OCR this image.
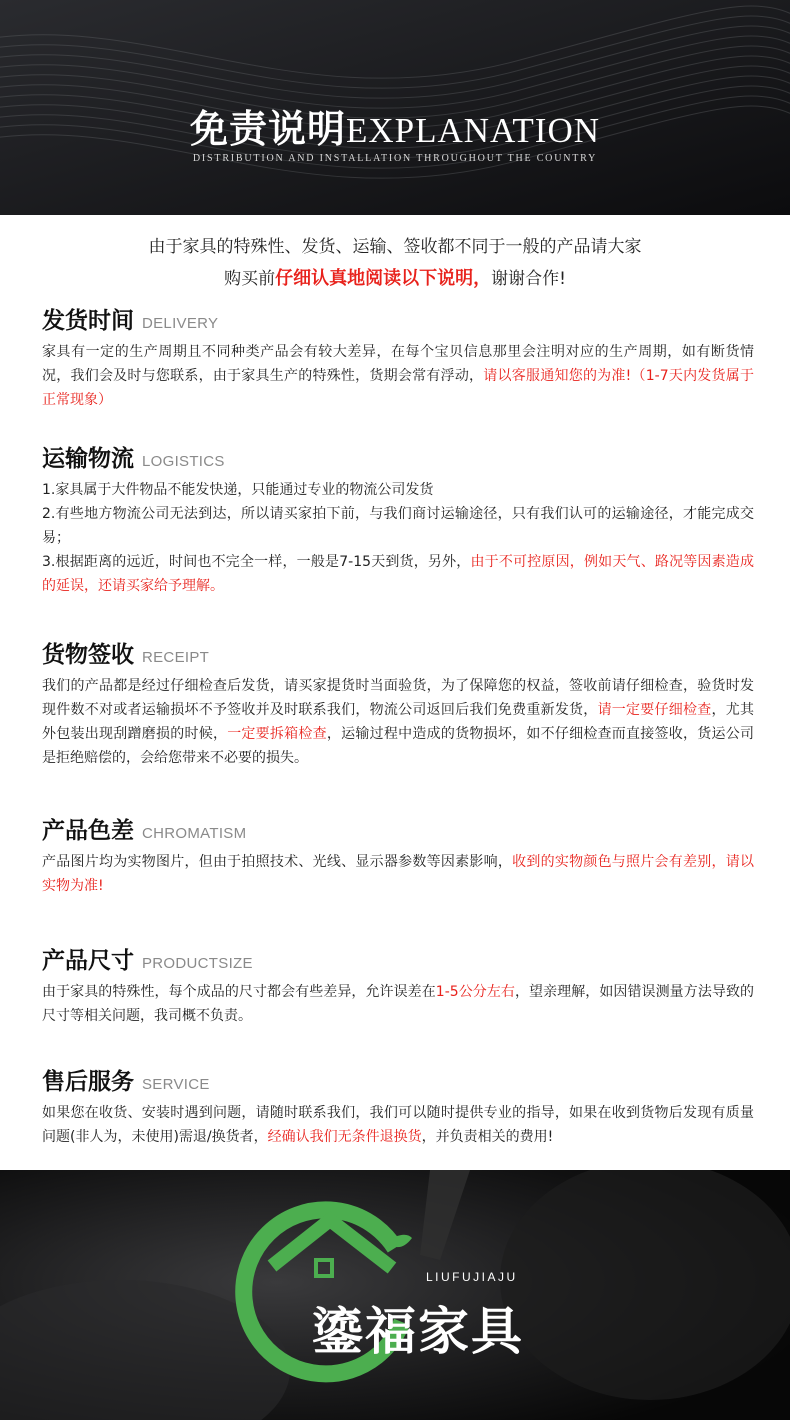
免责说明EXPLANATION
DISTRIBUTION AND INSTALLATION THROUGHOUT THE COUNTRY

由于家具的特殊性、发货、运输、签收都不同于一般的产品请大家

购买前仔细认真地阅读以下说明，谢谢合作!

发货时间 DELIVERY
家具有一定的生产周期且不同种类产品会有较大差异，在每个宝贝信息那里会注明对应的生产周期，如有断货情况，我们会及时与您联系，由于家具生产的特殊性，货期会常有浮动，请以客服通知您的为准!（1-7天内发货属于正常现象）
运输物流 LOGISTICS
1.家具属于大件物品不能发快递，只能通过专业的物流公司发货
2.有些地方物流公司无法到达，所以请买家拍下前，与我们商讨运输途径，只有我们认可的运输途径，才能完成交易；
3.根据距离的远近，时间也不完全一样，一般是7-15天到货，另外，由于不可控原因，例如天气、路况等因素造成的延误，还请买家给予理解。
货物签收 RECEIPT
我们的产品都是经过仔细检查后发货，请买家提货时当面验货，为了保障您的权益，签收前请仔细检查，验货时发现件数不对或者运输损坏不予签收并及时联系我们，物流公司返回后我们免费重新发货，请一定要仔细检查，尤其外包装出现刮蹭磨损的时候，一定要拆箱检查，运输过程中造成的货物损坏，如不仔细检查而直接签收，货运公司是拒绝赔偿的，会给您带来不必要的损失。
产品色差 CHROMATISM
产品图片均为实物图片，但由于拍照技术、光线、显示器参数等因素影响，收到的实物颜色与照片会有差别，请以实物为准!
产品尺寸 PRODUCTSIZE
由于家具的特殊性，每个成品的尺寸都会有些差异，允许误差在1-5公分左右，望亲理解，如因错误测量方法导致的尺寸等相关问题，我司概不负责。
售后服务 SERVICE
如果您在收货、安装时遇到问题，请随时联系我们，我们可以随时提供专业的指导，如果在收到货物后发现有质量问题(非人为，未使用)需退/换货者，经确认我们无条件退换货，并负责相关的费用!
LIUFUJIAJU
鎏福家具
